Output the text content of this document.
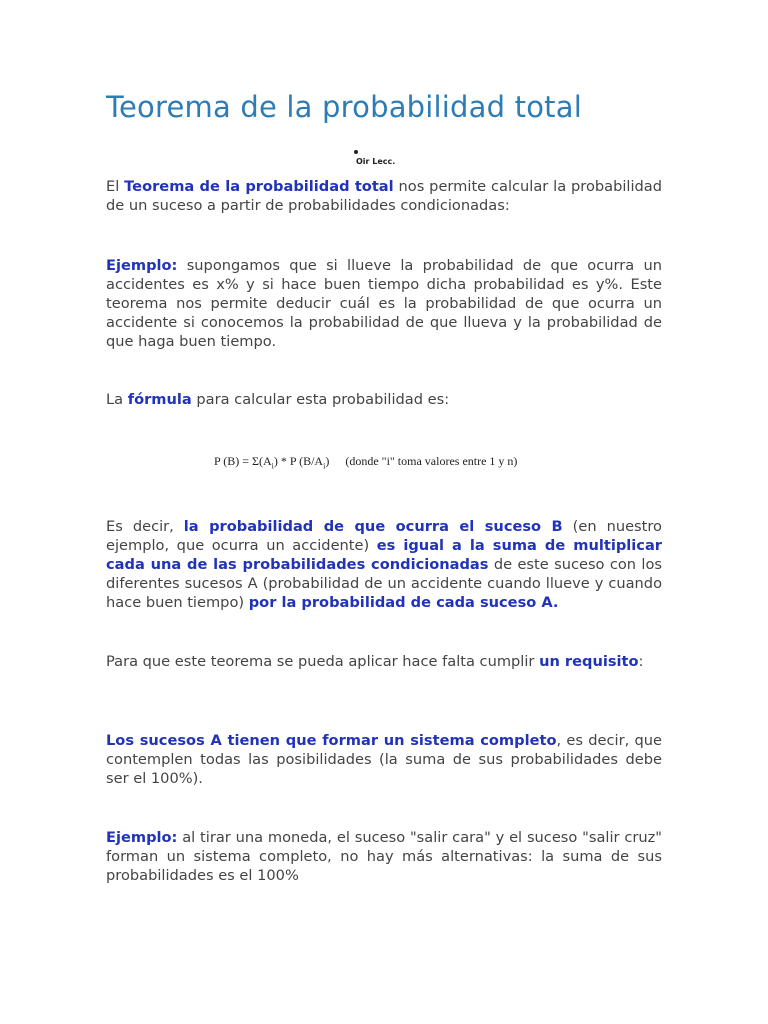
Teorema de la probabilidad total
Oir Lecc.

El Teorema de la probabilidad total nos permite calcular la probabilidad de un suceso a partir de probabilidades condicionadas:

Ejemplo: supongamos que si llueve la probabilidad de que ocurra un accidentes es x% y si hace buen tiempo dicha probabilidad es y%. Este teorema nos permite deducir cuál es la probabilidad de que ocurra un accidente si conocemos la probabilidad de que llueva y la probabilidad de que haga buen tiempo.

La fórmula para calcular esta probabilidad es:

P $(B) = \Sigma(A_i) * P$ $(B/A_i)$ (donde "i" toma valores entre 1 y n)

Es decir, la probabilidad de que ocurra el suceso B (en nuestro ejemplo, que ocurra un accidente) es igual a la suma de multiplicar cada una de las probabilidades condicionadas de este suceso con los diferentes sucesos A (probabilidad de un accidente cuando llueve y cuando hace buen tiempo) por la probabilidad de cada suceso A.

Para que este teorema se pueda aplicar hace falta cumplir un requisito:

Los sucesos A tienen que formar un sistema completo, es decir, que contemplen todas las posibilidades (la suma de sus probabilidades debe ser el 100%).

Ejemplo: al tirar una moneda, el suceso "salir cara" y el suceso "salir cruz" forman un sistema completo, no hay más alternativas: la suma de sus probabilidades es el 100%
